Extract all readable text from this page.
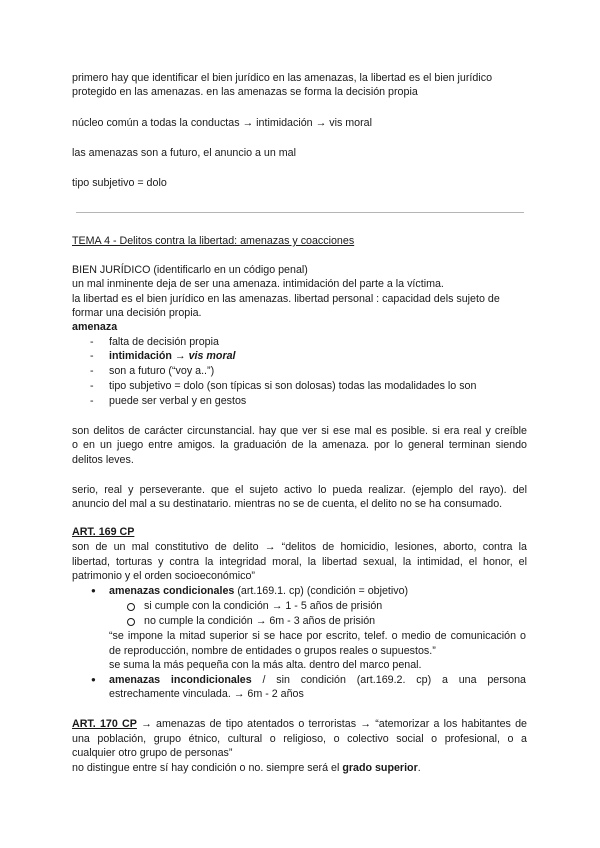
primero hay que identificar el bien jurídico en las amenazas, la libertad es el bien jurídico
protegido en las amenazas. en las amenazas se forma la decisión propia
núcleo común a todas la conductas → intimidación → vis moral
las amenazas son a futuro, el anuncio a un mal
tipo subjetivo = dolo
TEMA 4 - Delitos contra la libertad: amenazas y coacciones
BIEN JURÍDICO (identificarlo en un código penal)
un mal inminente deja de ser una amenaza. intimidación del parte a la víctima.
la libertad es el bien jurídico en las amenazas. libertad personal : capacidad dels sujeto de
formar una decisión propia.
amenaza
- falta de decisión propia
- intimidación → vis moral
- son a futuro (“voy a..”)
- tipo subjetivo = dolo (son típicas si son dolosas) todas las modalidades lo son
- puede ser verbal y en gestos
son delitos de carácter circunstancial. hay que ver si ese mal es posible. si era real y creíble
o en un juego entre amigos. la graduación de la amenaza. por lo general terminan siendo
delitos leves.
serio, real y perseverante. que el sujeto activo lo pueda realizar. (ejemplo del rayo). del
anuncio del mal a su destinatario. mientras no se de cuenta, el delito no se ha consumado.
ART. 169 CP
son de un mal constitutivo de delito → “delitos de homicidio, lesiones, aborto, contra la
libertad, torturas y contra la integridad moral, la libertad sexual, la intimidad, el honor, el
patrimonio y el orden socioeconómico”
● amenazas condicionales (art.169.1. cp) (condición = objetivo)
si cumple con la condición → 1 - 5 años de prisión
no cumple la condición → 6m - 3 años de prisión
“se impone la mitad superior si se hace por escrito, telef. o medio de comunicación o
de reproducción, nombre de entidades o grupos reales o supuestos.”
se suma la más pequeña con la más alta. dentro del marco penal.
● amenazas incondicionales / sin condición (art.169.2. cp) a una persona
estrechamente vinculada. → 6m - 2 años
ART. 170 CP → amenazas de tipo atentados o terroristas → “atemorizar a los habitantes de
una población, grupo étnico, cultural o religioso, o colectivo social o profesional, o a
cualquier otro grupo de personas”
no distingue entre sí hay condición o no. siempre será el grado superior.
